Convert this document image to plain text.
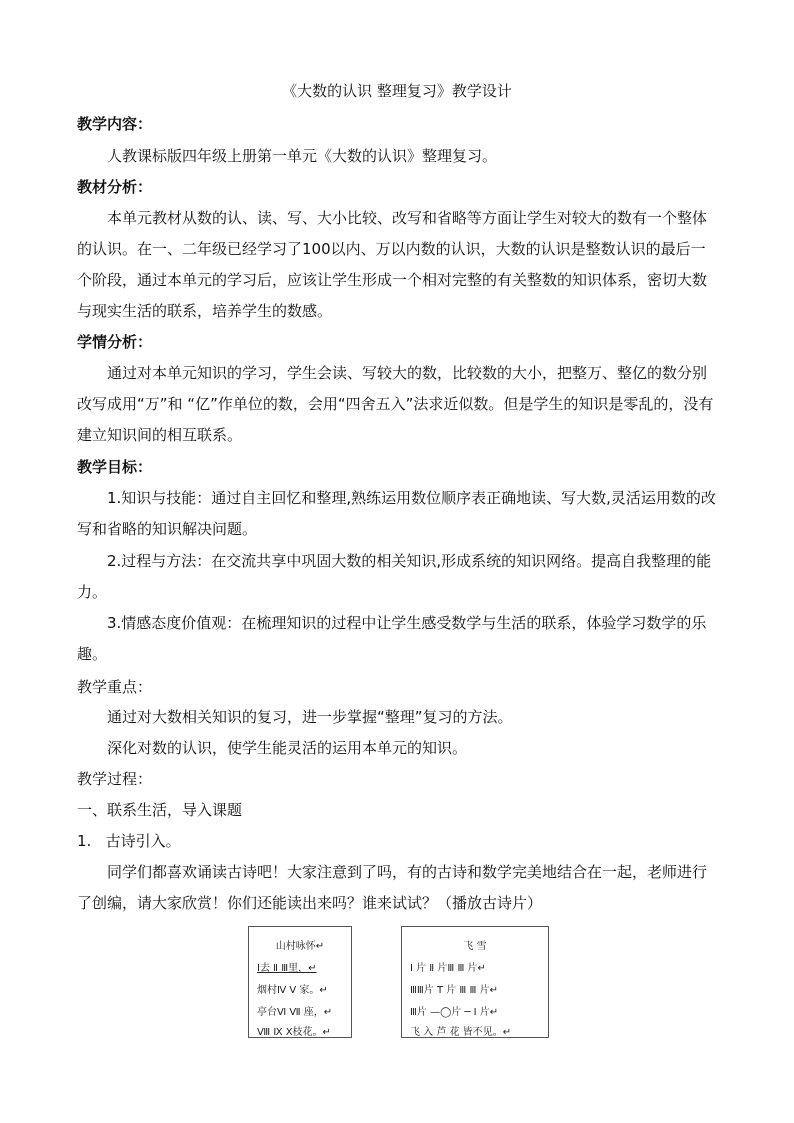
《大数的认识 整理复习》教学设计
教学内容：

人教课标版四年级上册第一单元《大数的认识》整理复习。

教材分析：

本单元教材从数的认、读、写、大小比较、改写和省略等方面让学生对较大的数有一个整体的认识。在一、二年级已经学习了100以内、万以内数的认识，大数的认识是整数认识的最后一个阶段，通过本单元的学习后，应该让学生形成一个相对完整的有关整数的知识体系，密切大数与现实生活的联系，培养学生的数感。

学情分析：

通过对本单元知识的学习，学生会读、写较大的数，比较数的大小，把整万、整亿的数分别改写成用“万”和 “亿”作单位的数，会用“四舍五入”法求近似数。但是学生的知识是零乱的，没有建立知识间的相互联系。

教学目标：

1.知识与技能：通过自主回忆和整理,熟练运用数位顺序表正确地读、写大数,灵活运用数的改写和省略的知识解决问题。

2.过程与方法：在交流共享中巩固大数的相关知识,形成系统的知识网络。提高自我整理的能力。

3.情感态度价值观：在梳理知识的过程中让学生感受数学与生活的联系，体验学习数学的乐趣。

教学重点：

通过对大数相关知识的复习，进一步掌握“整理”复习的方法。

深化对数的认识，使学生能灵活的运用本单元的知识。

教学过程：
一、联系生活，导入课题
1.   古诗引入。

同学们都喜欢诵读古诗吧！大家注意到了吗，有的古诗和数学完美地结合在一起，老师进行了创编，请大家欣赏！你们还能读出来吗？谁来试试？（播放古诗片）

山村咏怀↵
Ⅰ去 Ⅱ Ⅲ里，↵
烟村Ⅳ Ⅴ 家。↵
亭台Ⅵ Ⅶ 座，↵
Ⅷ Ⅸ Ⅹ枝花。↵
飞 雪
Ⅰ 片 Ⅱ 片Ⅲ Ⅲ 片↵
ⅢⅢ片 T 片 Ⅲ Ⅲ 片↵
Ⅲ片 —◯片 ─ Ⅰ 片↵
飞 入 芦 花 皆不见。↵
